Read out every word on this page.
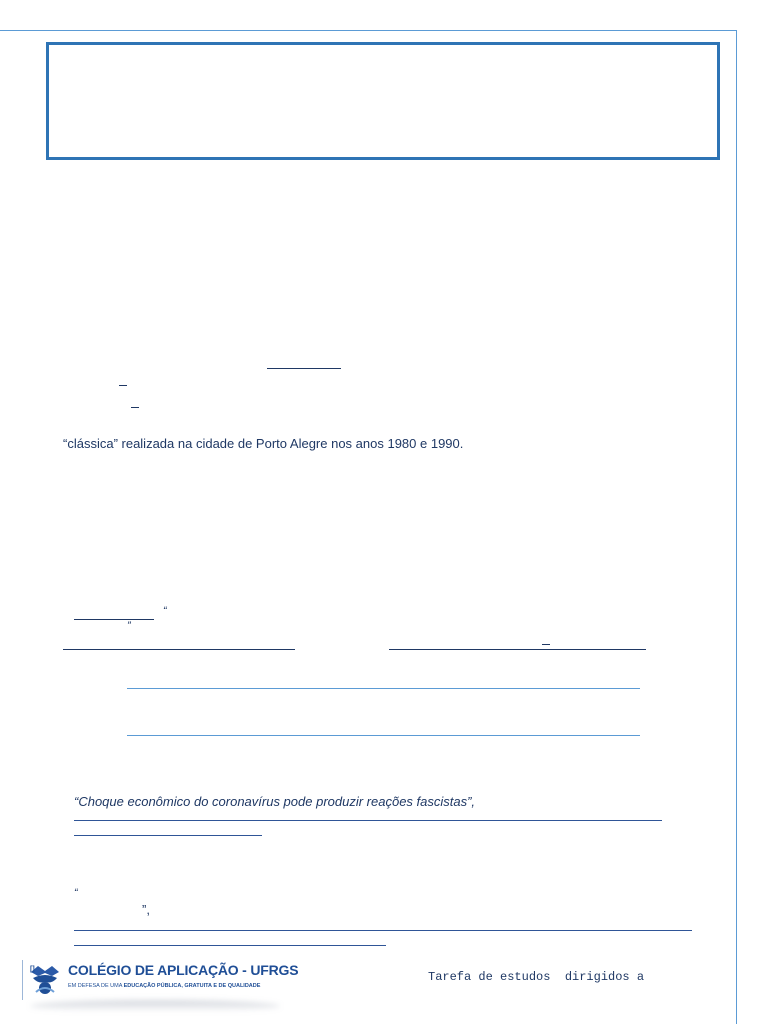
“clássica” realizada na cidade de Porto Alegre nos anos 1980 e 1990.
“
”
“Choque econômico do coronavírus pode produzir reações fascistas”,
“
”,
[] COLÉGIO DE APLICAÇÃO - UFRGS
EM DEFESA DE UMA EDUCAÇÃO PÚBLICA, GRATUITA E DE QUALIDADE
Tarefa de estudos  dirigidos a
